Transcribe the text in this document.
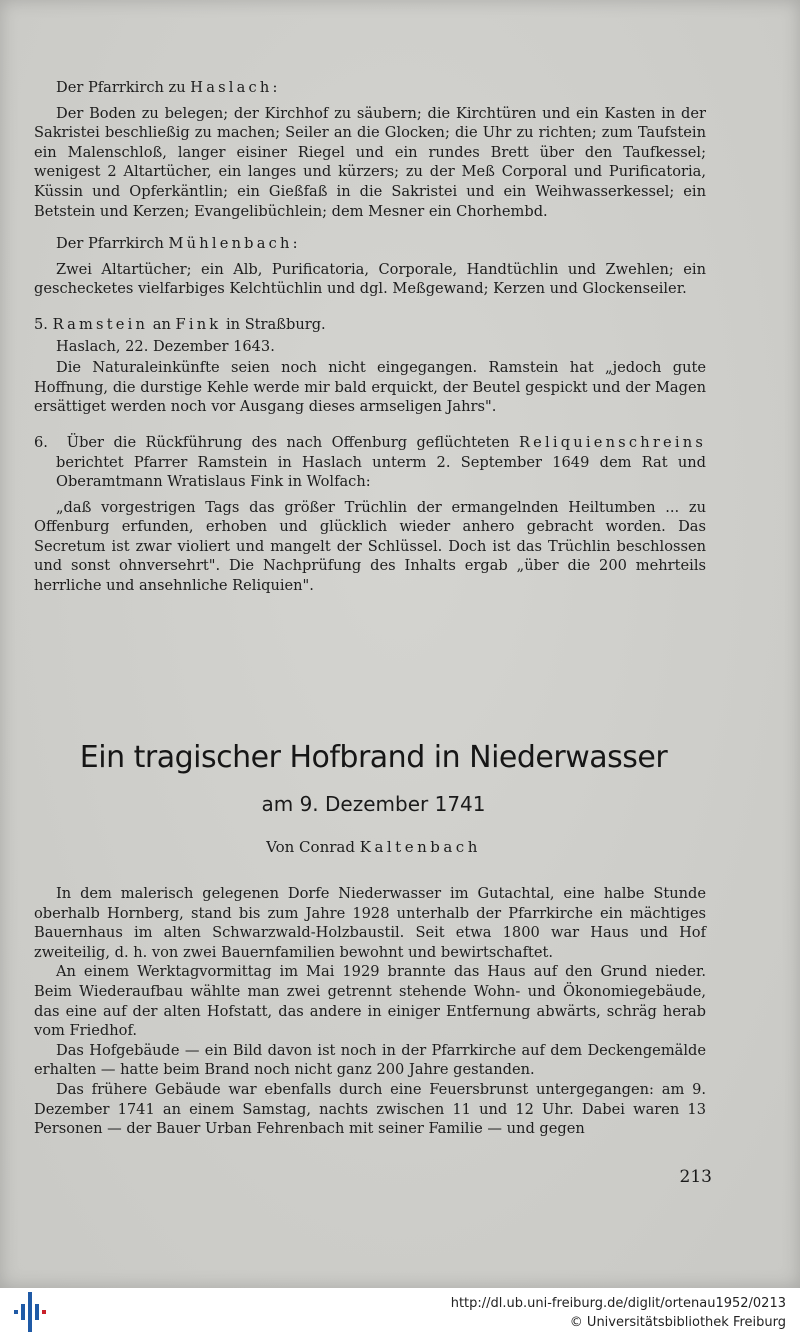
Der Pfarrkirch zu Haslach:

Der Boden zu belegen; der Kirchhof zu säubern; die Kirchtüren und ein Kasten in der Sakristei beschließig zu machen; Seiler an die Glocken; die Uhr zu richten; zum Taufstein ein Malenschloß, langer eisiner Riegel und ein rundes Brett über den Taufkessel; wenigest 2 Altartücher, ein langes und kürzers; zu der Meß Corporal und Purificatoria, Küssin und Opferkäntlin; ein Gießfaß in die Sakristei und ein Weihwasserkessel; ein Betstein und Kerzen; Evangelibüchlein; dem Mesner ein Chorhembd.

Der Pfarrkirch Mühlenbach:

Zwei Altartücher; ein Alb, Purificatoria, Corporale, Handtüchlin und Zwehlen; ein geschecketes vielfarbiges Kelchtüchlin und dgl. Meßgewand; Kerzen und Glockenseiler.

5. Ramstein an Fink in Straßburg.

Haslach, 22. Dezember 1643.

Die Naturaleinkünfte seien noch nicht eingegangen. Ramstein hat „jedoch gute Hoffnung, die durstige Kehle werde mir bald erquickt, der Beutel gespickt und der Magen ersättiget werden noch vor Ausgang dieses armseligen Jahrs".

6. Über die Rückführung des nach Offenburg geflüchteten Reliquienschreins berichtet Pfarrer Ramstein in Haslach unterm 2. September 1649 dem Rat und Oberamtmann Wratislaus Fink in Wolfach:

„daß vorgestrigen Tags das größer Trüchlin der ermangelnden Heiltumben ... zu Offenburg erfunden, erhoben und glücklich wieder anhero gebracht worden. Das Secretum ist zwar violiert und mangelt der Schlüssel. Doch ist das Trüchlin beschlossen und sonst ohnversehrt". Die Nachprüfung des Inhalts ergab „über die 200 mehrteils herrliche und ansehnliche Reliquien".

Ein tragischer Hofbrand in Niederwasser
am 9. Dezember 1741
Von Conrad Kaltenbach

In dem malerisch gelegenen Dorfe Niederwasser im Gutachtal, eine halbe Stunde oberhalb Hornberg, stand bis zum Jahre 1928 unterhalb der Pfarrkirche ein mächtiges Bauernhaus im alten Schwarzwald-Holzbaustil. Seit etwa 1800 war Haus und Hof zweiteilig, d. h. von zwei Bauernfamilien bewohnt und bewirtschaftet.

An einem Werktagvormittag im Mai 1929 brannte das Haus auf den Grund nieder. Beim Wiederaufbau wählte man zwei getrennt stehende Wohn- und Ökonomiegebäude, das eine auf der alten Hofstatt, das andere in einiger Entfernung abwärts, schräg herab vom Friedhof.

Das Hofgebäude — ein Bild davon ist noch in der Pfarrkirche auf dem Deckengemälde erhalten — hatte beim Brand noch nicht ganz 200 Jahre gestanden.

Das frühere Gebäude war ebenfalls durch eine Feuersbrunst untergegangen: am 9. Dezember 1741 an einem Samstag, nachts zwischen 11 und 12 Uhr. Dabei waren 13 Personen — der Bauer Urban Fehrenbach mit seiner Familie — und gegen

213
http://dl.ub.uni-freiburg.de/diglit/ortenau1952/0213
© Universitätsbibliothek Freiburg
